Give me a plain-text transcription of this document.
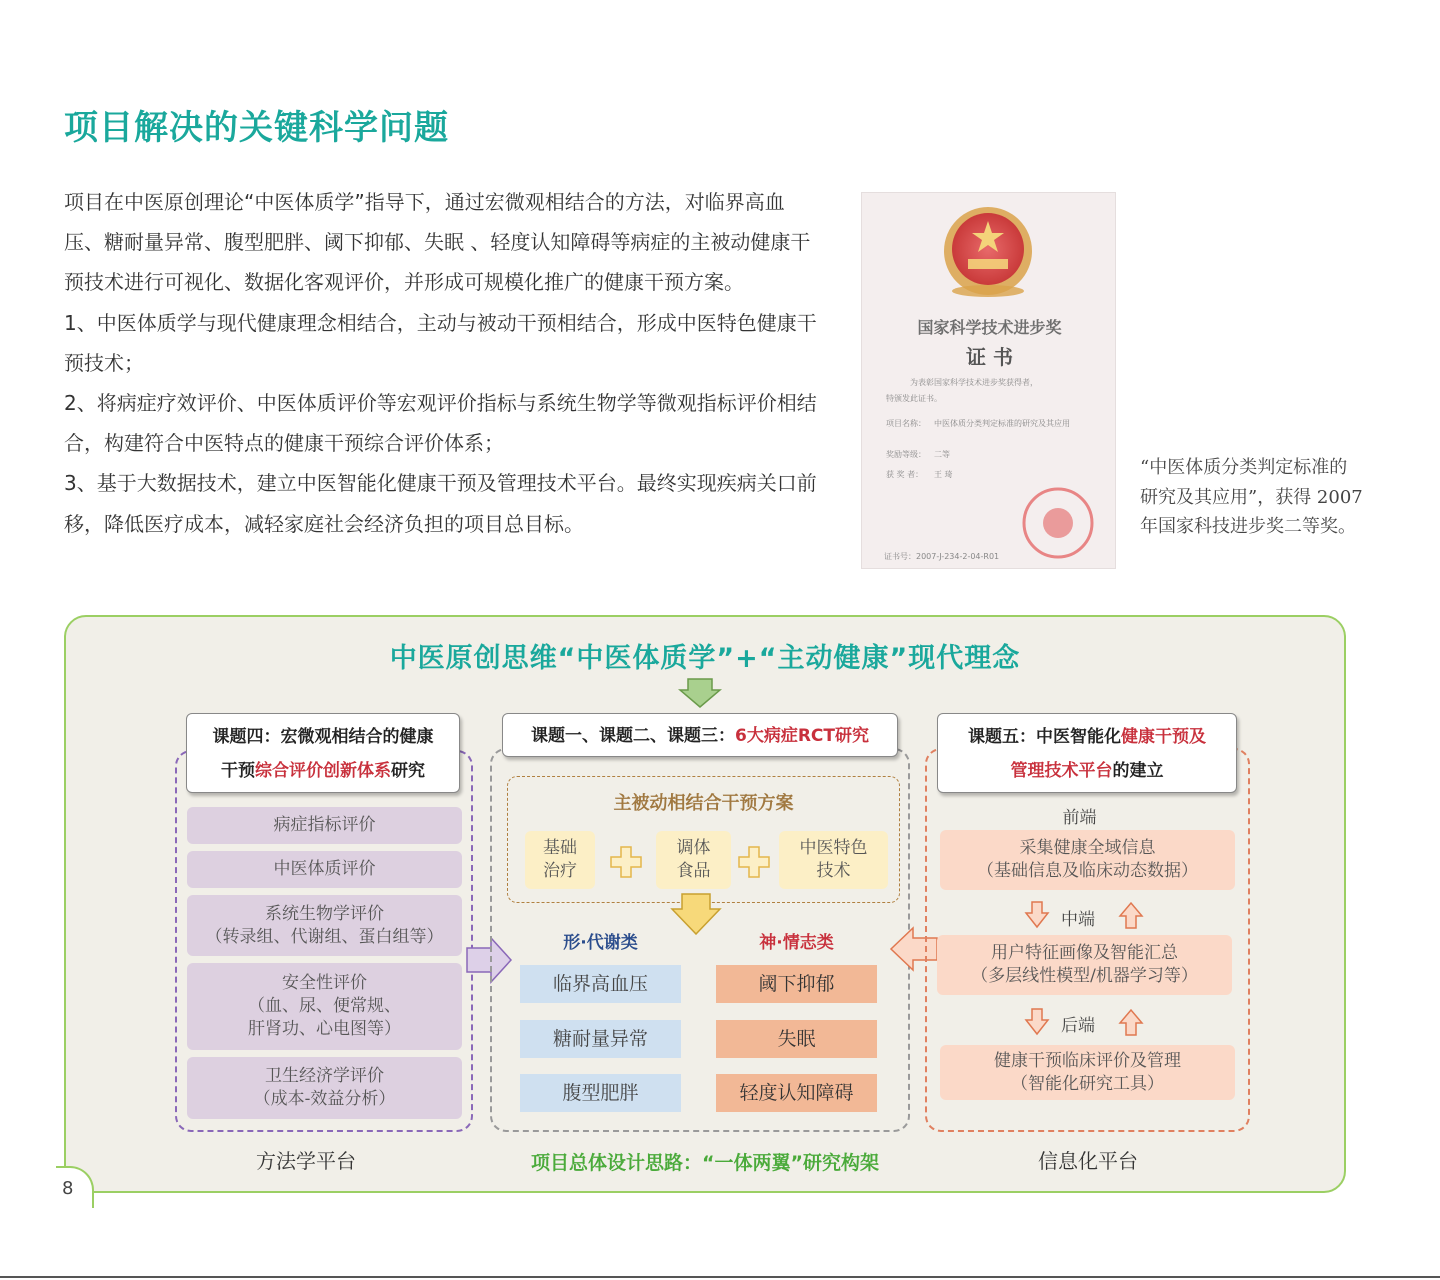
项目解决的关键科学问题

项目在中医原创理论“中医体质学”指导下，通过宏微观相结合的方法，对临界高血压、糖耐量异常、腹型肥胖、阈下抑郁、失眠 、轻度认知障碍等病症的主被动健康干预技术进行可视化、数据化客观评价，并形成可规模化推广的健康干预方案。

1、中医体质学与现代健康理念相结合，主动与被动干预相结合，形成中医特色健康干预技术；

2、将病症疗效评价、中医体质评价等宏观评价指标与系统生物学等微观指标评价相结合，构建符合中医特点的健康干预综合评价体系；

3、基于大数据技术，建立中医智能化健康干预及管理技术平台。最终实现疾病关口前移，降低医疗成本，减轻家庭社会经济负担的项目总目标。

国家科学技术进步奖
证 书
为表彰国家科学技术进步奖获得者，
特颁发此证书。
项目名称： 中医体质分类判定标准的研究及其应用
奖励等级： 二等
获 奖 者： 王 琦
证书号：2007-J-234-2-04-R01
“中医体质分类判定标准的研究及其应用”，获得 2007 年国家科技进步奖二等奖。
8
中医原创思维“中医体质学”+“主动健康”现代理念
课题四：宏微观相结合的健康
干预综合评价创新体系研究
病症指标评价
中医体质评价
系统生物学评价
（转录组、代谢组、蛋白组等）
安全性评价
（血、尿、便常规、
肝肾功、心电图等）
卫生经济学评价
（成本-效益分析）
方法学平台
课题一、课题二、课题三：6大病症RCT研究
主被动相结合干预方案
基础
治疗
调体
食品
中医特色
技术
形·代谢类	神·情志类
临界高血压
糖耐量异常
腹型肥胖
阈下抑郁
失眠
轻度认知障碍
项目总体设计思路：“一体两翼”研究构架
课题五：中医智能化健康干预及
管理技术平台的建立
前端
采集健康全域信息
（基础信息及临床动态数据）
中端
用户特征画像及智能汇总
（多层线性模型/机器学习等）
后端
健康干预临床评价及管理
（智能化研究工具）
信息化平台
